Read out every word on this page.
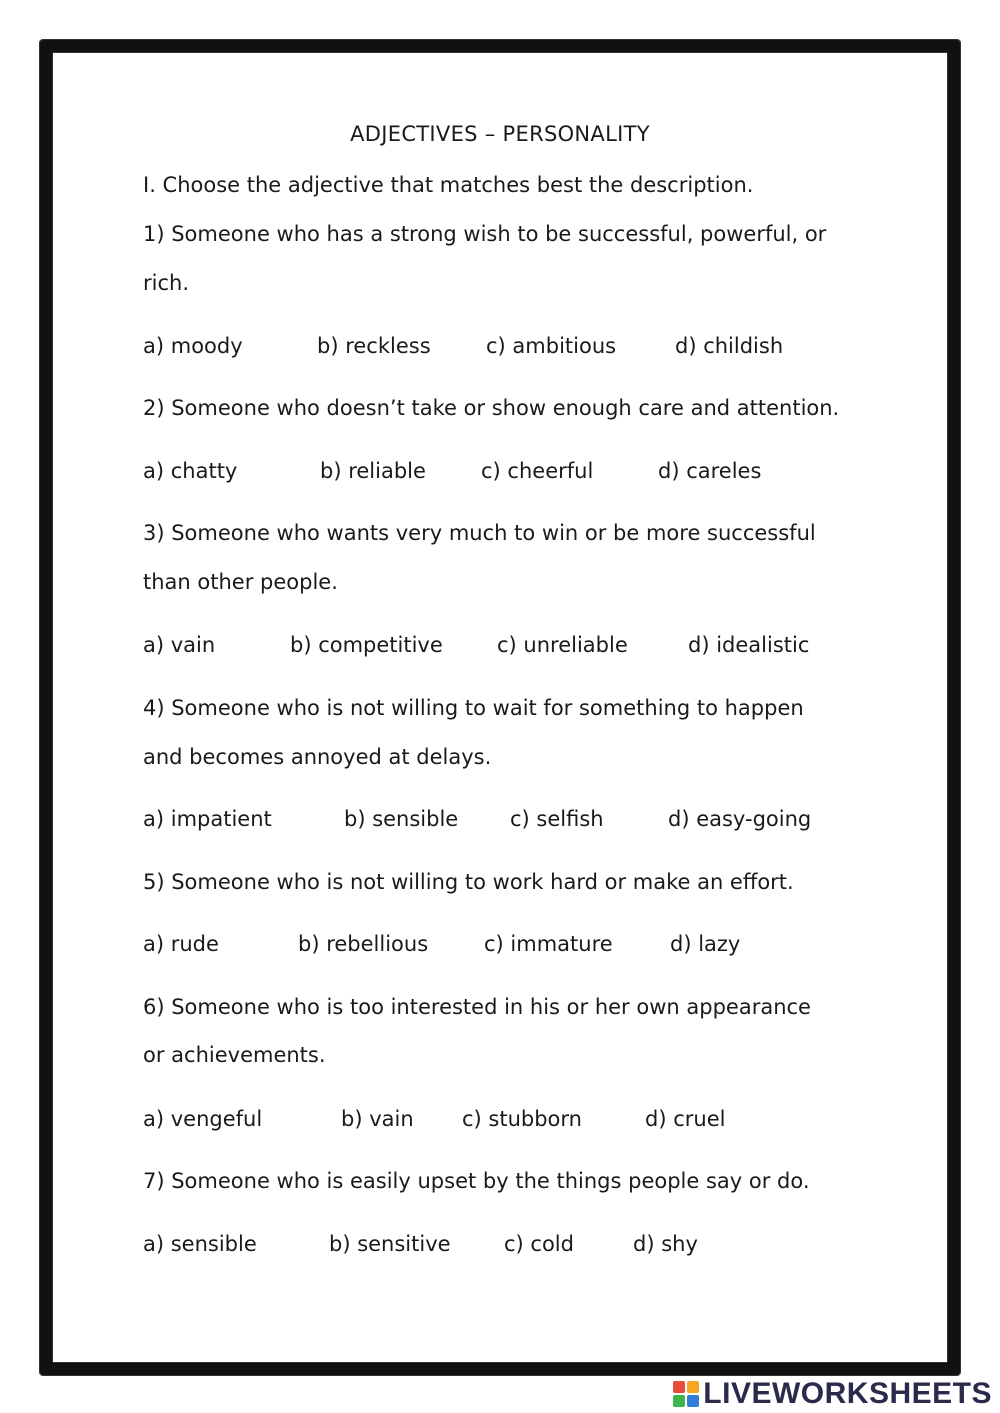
ADJECTIVES – PERSONALITY
I. Choose the adjective that matches best the description.
1) Someone who has a strong wish to be successful, powerful, or
rich.
a) moody	b) reckless	c) ambitious	d) childish
2) Someone who doesn’t take or show enough care and attention.
a) chatty	b) reliable	c) cheerful	d) careles
3) Someone who wants very much to win or be more successful
than other people.
a) vain	b) competitive	c) unreliable	d) idealistic
4) Someone who is not willing to wait for something to happen
and becomes annoyed at delays.
a) impatient	b) sensible c) selfish	d) easy-going
5) Someone who is not willing to work hard or make an effort.
a) rude	b) rebellious	c) immature	d) lazy
6) Someone who is too interested in his or her own appearance
or achievements.
a) vengeful	b) vain c) stubborn	d) cruel
7) Someone who is easily upset by the things people say or do.
a) sensible	b) sensitive	c) cold	d) shy
LIVEWORKSHEETS
